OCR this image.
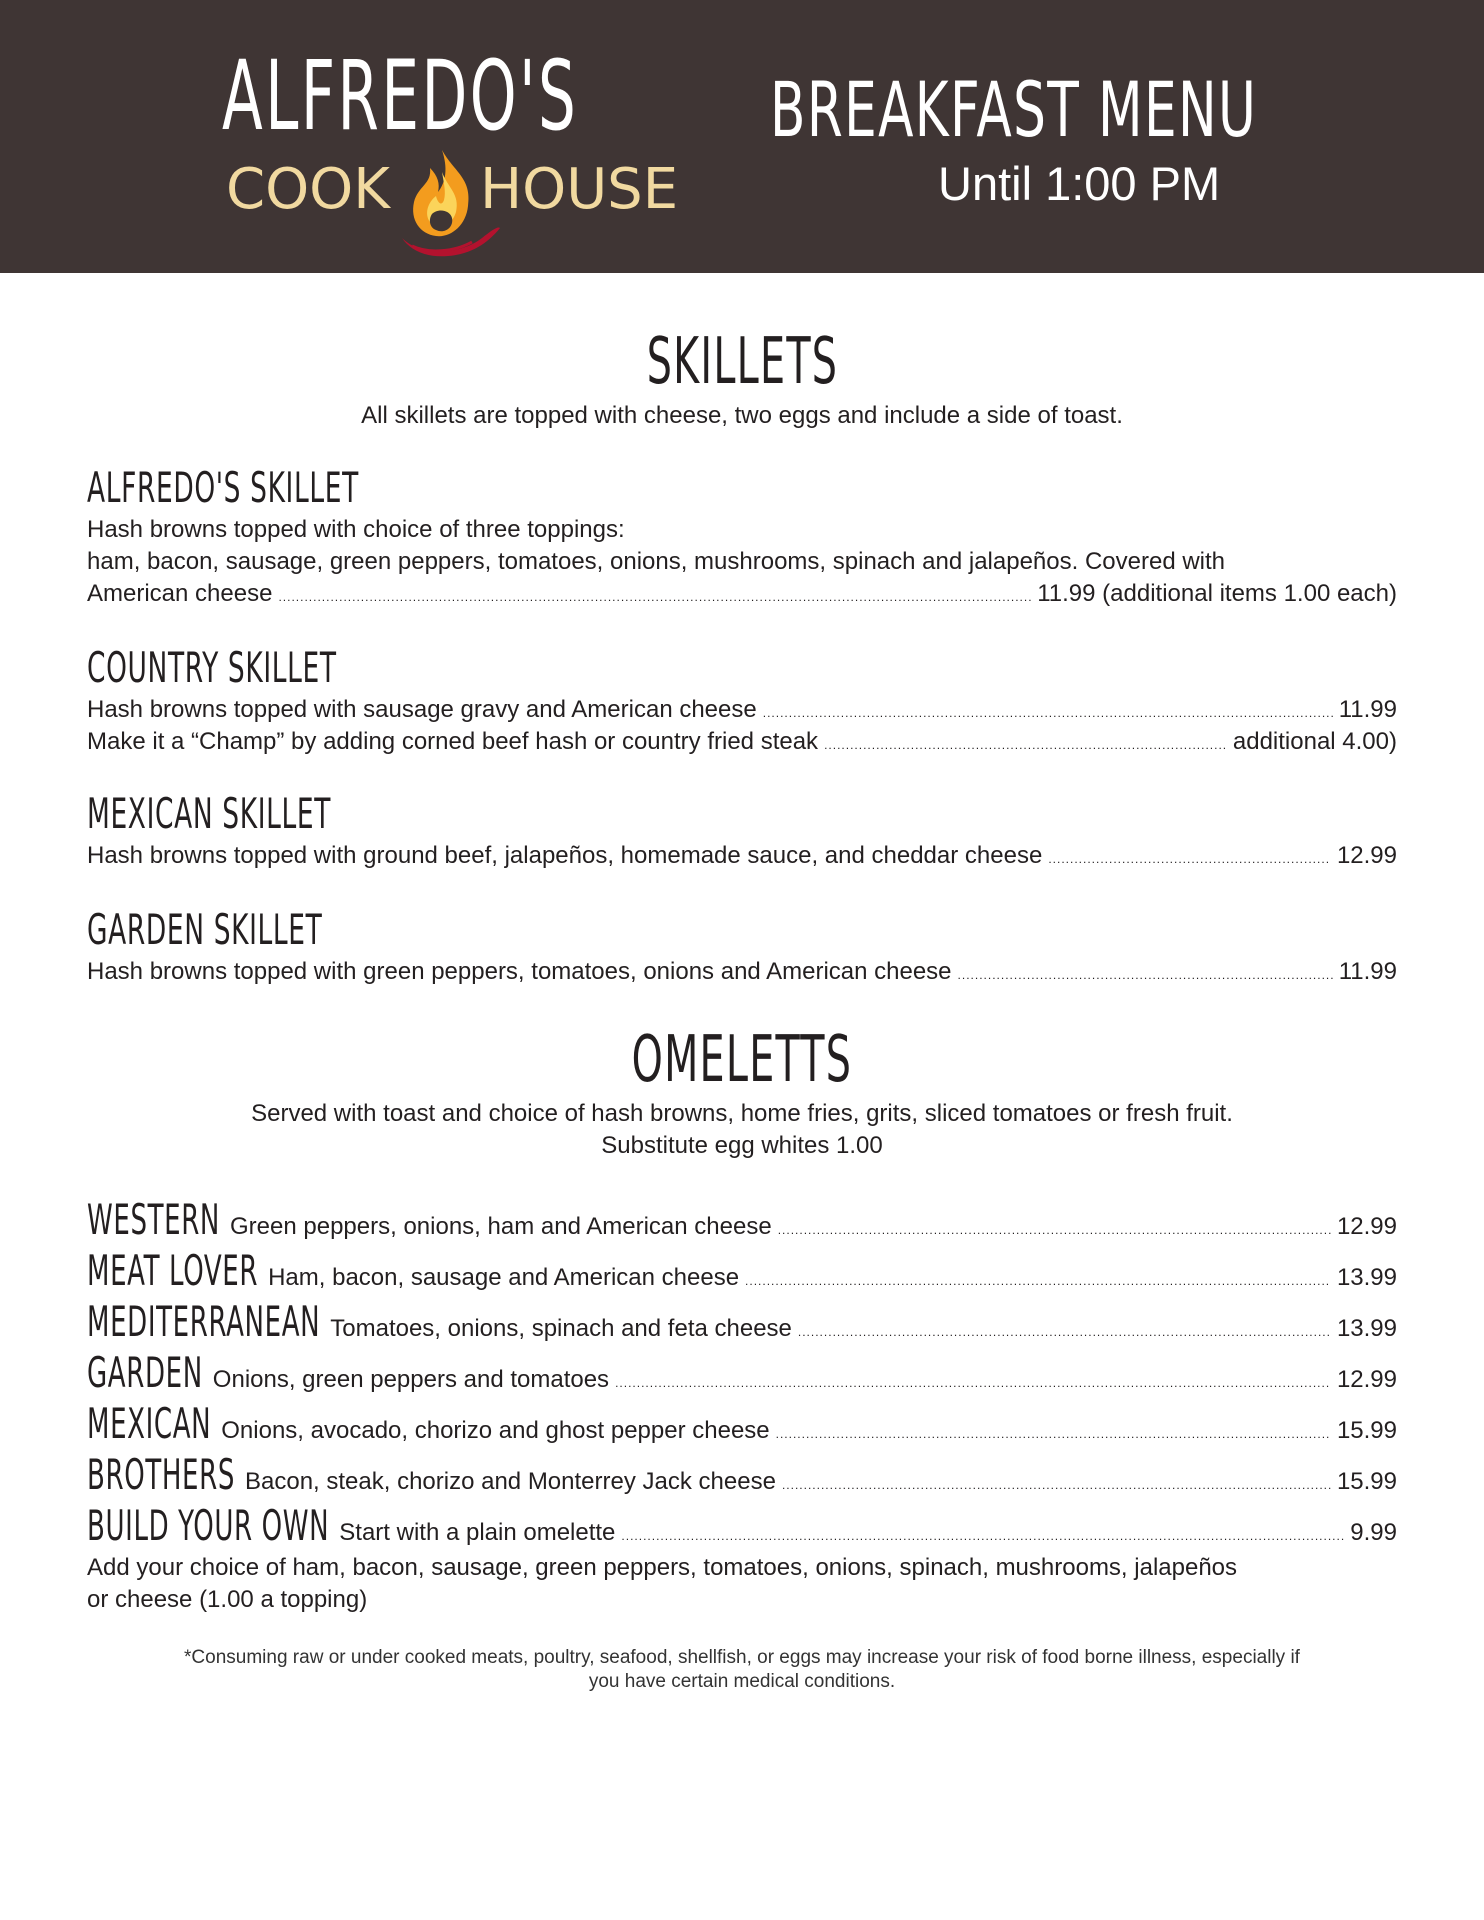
ALFREDO'S
COOK HOUSE
BREAKFAST MENU
Until 1:00 PM
SKILLETS
All skillets are topped with cheese, two eggs and include a side of toast.
ALFREDO'S SKILLET
Hash browns topped with choice of three toppings:
ham, bacon, sausage, green peppers, tomatoes, onions, mushrooms, spinach and jalapeños. Covered with
American cheese .....	11.99 (additional items 1.00 each)
COUNTRY SKILLET
Hash browns topped with sausage gravy and American cheese .....	11.99
Make it a “Champ” by adding corned beef hash or country fried steak .....	additional 4.00)
MEXICAN SKILLET
Hash browns topped with ground beef, jalapeños, homemade sauce, and cheddar cheese .....	12.99
GARDEN SKILLET
Hash browns topped with green peppers, tomatoes, onions and American cheese .....	11.99
OMELETTS
Served with toast and choice of hash browns, home fries, grits, sliced tomatoes or fresh fruit.
Substitute egg whites 1.00
WESTERN Green peppers, onions, ham and American cheese .....	12.99
MEAT LOVER Ham, bacon, sausage and American cheese .....	13.99
MEDITERRANEAN Tomatoes, onions, spinach and feta cheese .....	13.99
GARDEN Onions, green peppers and tomatoes .....	12.99
MEXICAN Onions, avocado, chorizo and ghost pepper cheese .....	15.99
BROTHERS Bacon, steak, chorizo and Monterrey Jack cheese .....	15.99
BUILD YOUR OWN Start with a plain omelette .....	9.99
Add your choice of ham, bacon, sausage, green peppers, tomatoes, onions, spinach, mushrooms, jalapeños
or cheese (1.00 a topping)
*Consuming raw or under cooked meats, poultry, seafood, shellfish, or eggs may increase your risk of food borne illness, especially if
you have certain medical conditions.
